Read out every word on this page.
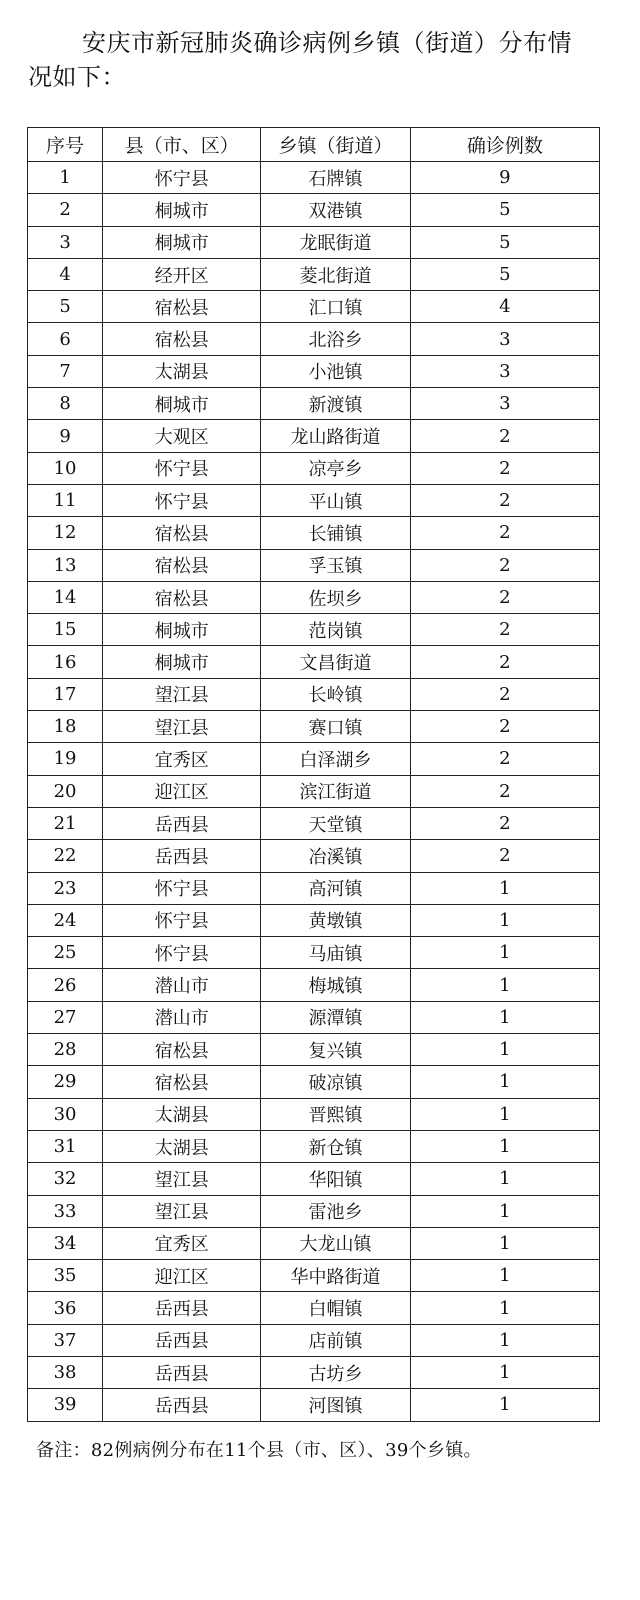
安庆市新冠肺炎确诊病例乡镇（街道）分布情况如下：
序号	县（市、区）	乡镇（街道）	确诊例数
1	怀宁县	石牌镇	9
2	桐城市	双港镇	5
3	桐城市	龙眠街道	5
4	经开区	菱北街道	5
5	宿松县	汇口镇	4
6	宿松县	北浴乡	3
7	太湖县	小池镇	3
8	桐城市	新渡镇	3
9	大观区	龙山路街道	2
10	怀宁县	凉亭乡	2
11	怀宁县	平山镇	2
12	宿松县	长铺镇	2
13	宿松县	孚玉镇	2
14	宿松县	佐坝乡	2
15	桐城市	范岗镇	2
16	桐城市	文昌街道	2
17	望江县	长岭镇	2
18	望江县	赛口镇	2
19	宜秀区	白泽湖乡	2
20	迎江区	滨江街道	2
21	岳西县	天堂镇	2
22	岳西县	冶溪镇	2
23	怀宁县	高河镇	1
24	怀宁县	黄墩镇	1
25	怀宁县	马庙镇	1
26	潜山市	梅城镇	1
27	潜山市	源潭镇	1
28	宿松县	复兴镇	1
29	宿松县	破凉镇	1
30	太湖县	晋熙镇	1
31	太湖县	新仓镇	1
32	望江县	华阳镇	1
33	望江县	雷池乡	1
34	宜秀区	大龙山镇	1
35	迎江区	华中路街道	1
36	岳西县	白帽镇	1
37	岳西县	店前镇	1
38	岳西县	古坊乡	1
39	岳西县	河图镇	1
备注：82例病例分布在11个县（市、区）、39个乡镇。
